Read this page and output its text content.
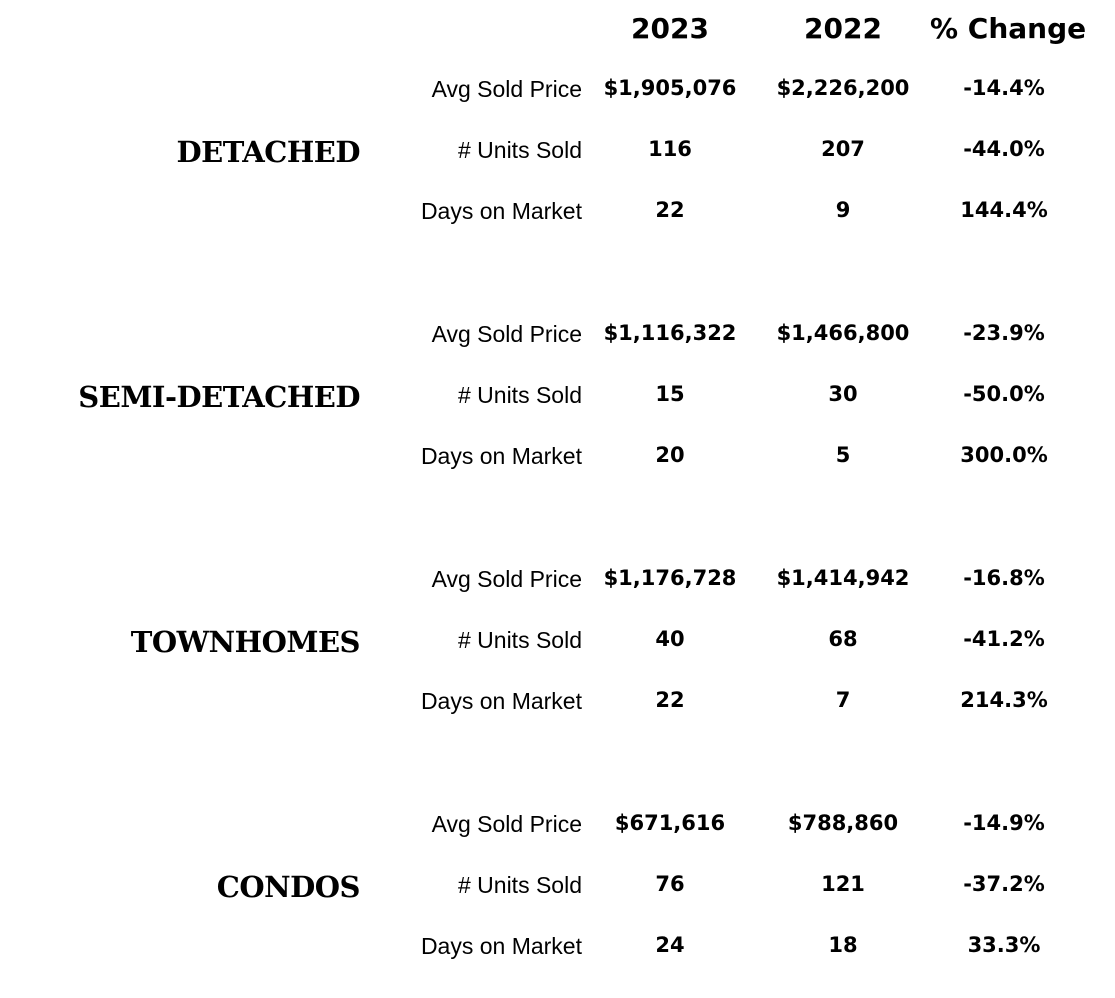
2023	2022	% Change
DETACHED
Avg Sold Price	$1,905,076	$2,226,200	-14.4%
# Units Sold	116	207	-44.0%
Days on Market	22	9	144.4%
SEMI-DETACHED
Avg Sold Price	$1,116,322	$1,466,800	-23.9%
# Units Sold	15	30	-50.0%
Days on Market	20	5	300.0%
TOWNHOMES
Avg Sold Price	$1,176,728	$1,414,942	-16.8%
# Units Sold	40	68	-41.2%
Days on Market	22	7	214.3%
CONDOS
Avg Sold Price	$671,616	$788,860	-14.9%
# Units Sold	76	121	-37.2%
Days on Market	24	18	33.3%
